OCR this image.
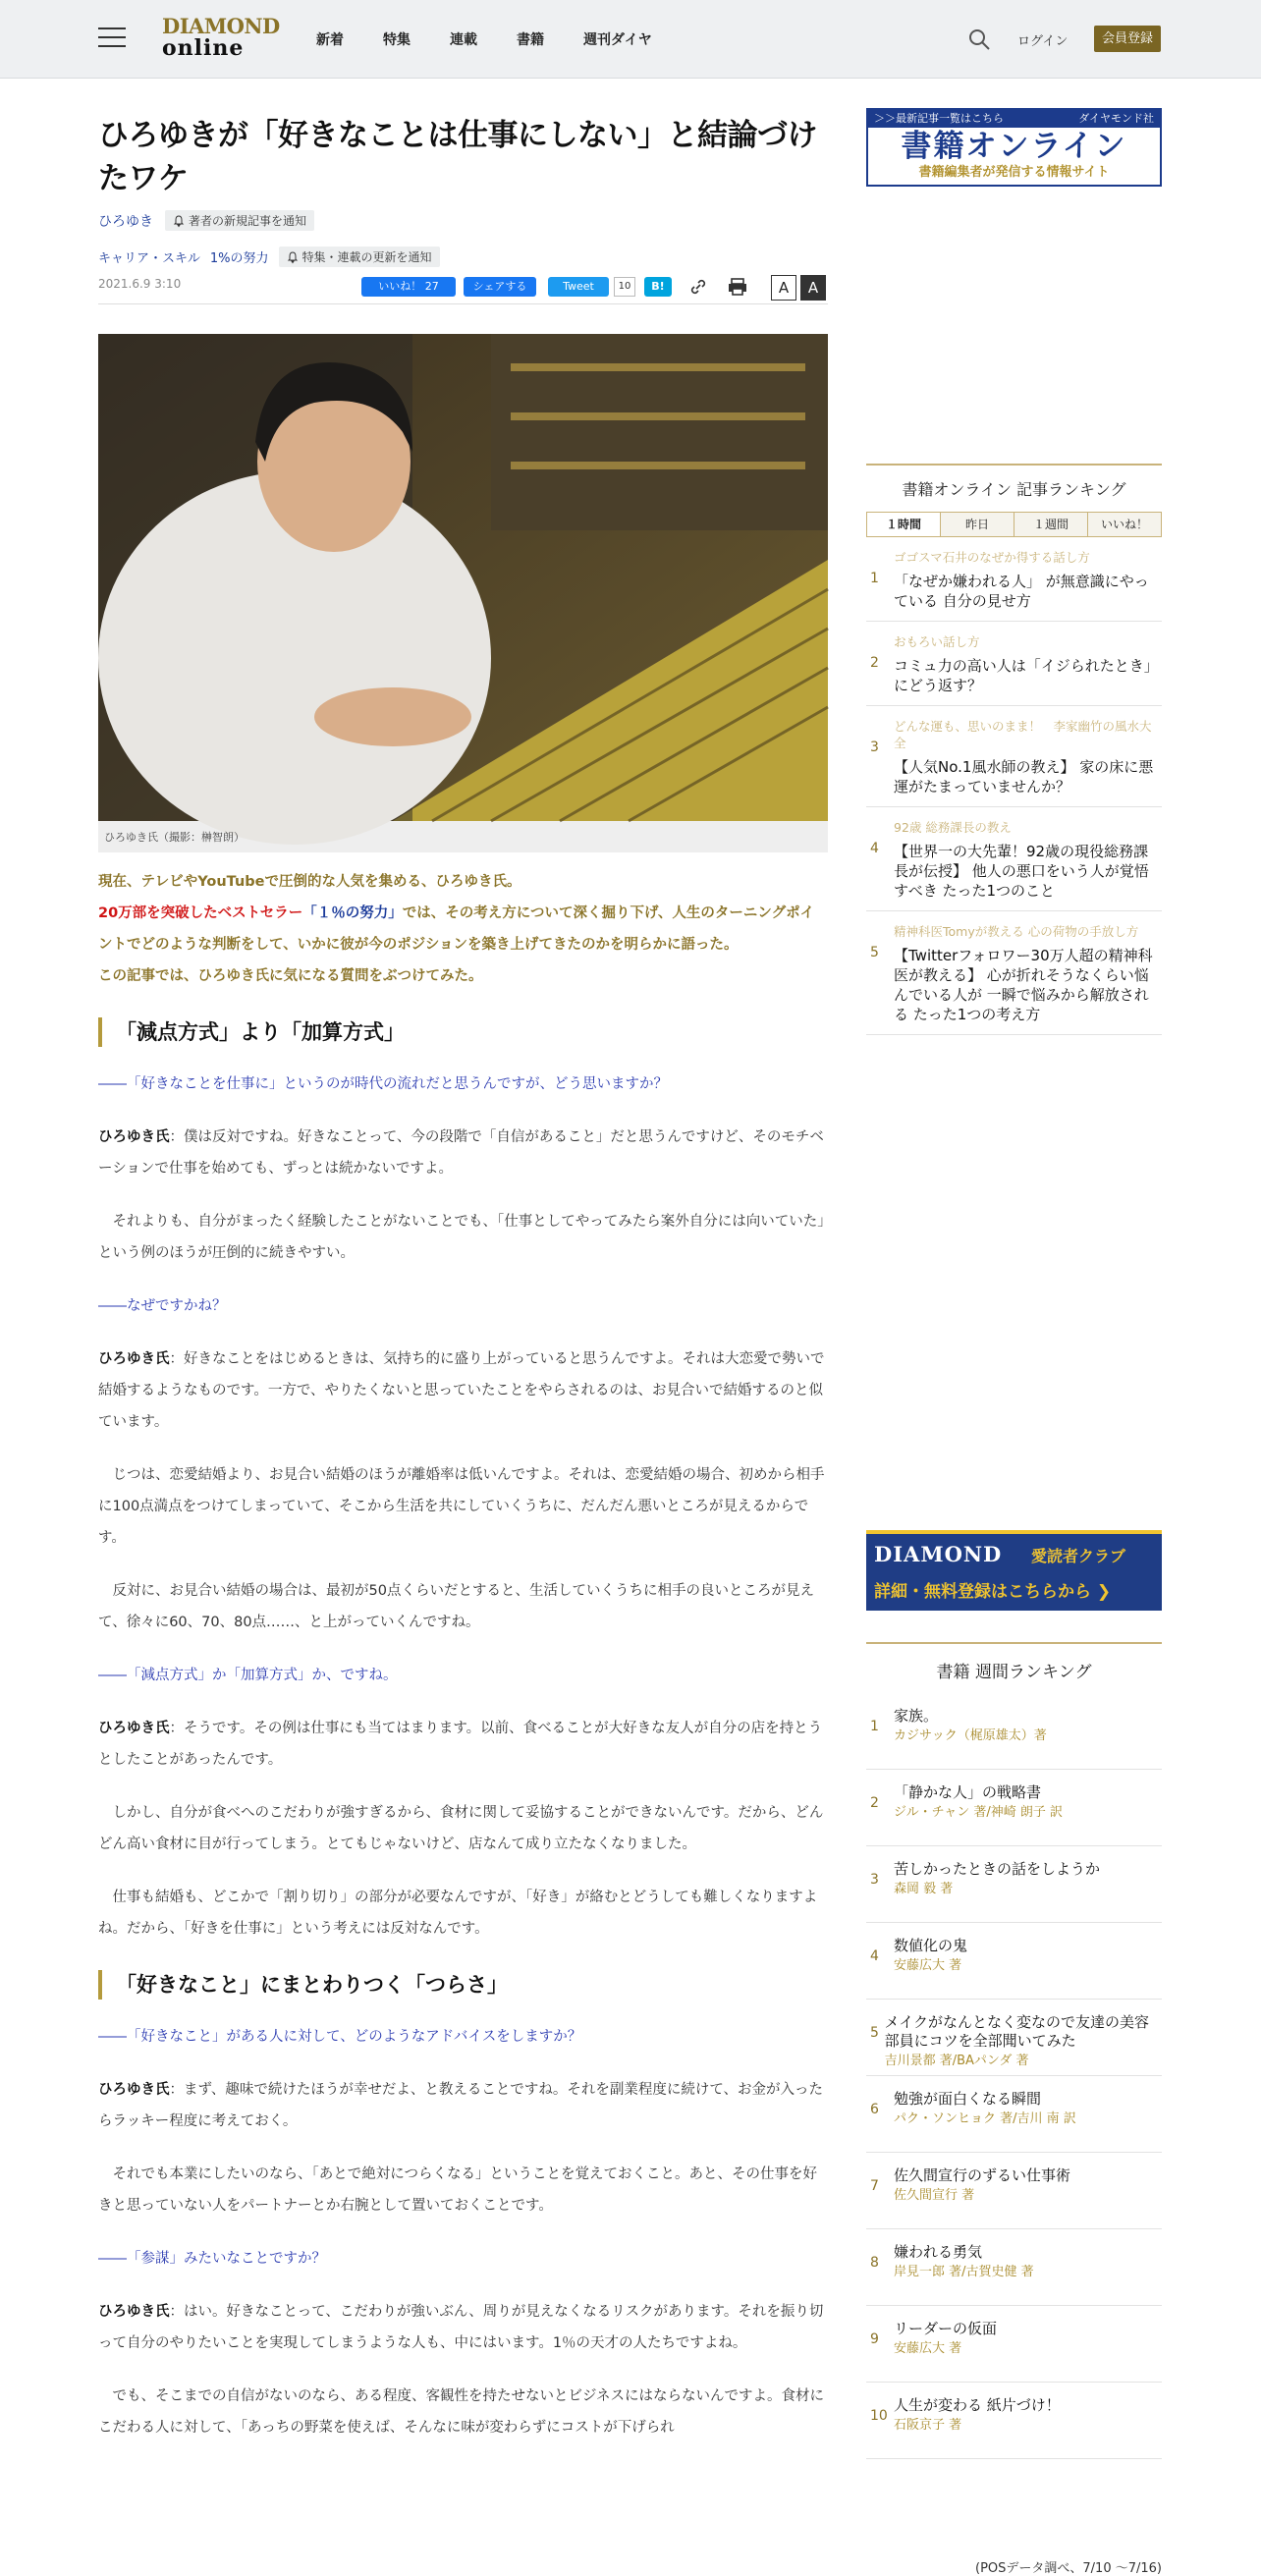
DIAMOND
online	新着	特集	連載	書籍	週刊ダイヤ	ログイン	会員登録
ひろゆきが「好きなことは仕事にしない」と結論づけたワケ
ひろゆき	著者の新規記事を通知
キャリア・スキル 1%の努力	特集・連載の更新を通知
2021.6.9 3:10	いいね！ 27	シェアする	Tweet	10	B!	A	A
ひろゆき氏（撮影：榊智朗）
現在、テレビやYouTubeで圧倒的な人気を集める、ひろゆき氏。
20万部を突破したベストセラー「１％の努力」では、その考え方について深く掘り下げ、人生のターニングポイントでどのような判断をして、いかに彼が今のポジションを築き上げてきたのかを明らかに語った。
この記事では、ひろゆき氏に気になる質問をぶつけてみた。
「減点方式」より「加算方式」
――「好きなことを仕事に」というのが時代の流れだと思うんですが、どう思いますか？
ひろゆき氏：僕は反対ですね。好きなことって、今の段階で「自信があること」だと思うんですけど、そのモチベーションで仕事を始めても、ずっとは続かないですよ。
それよりも、自分がまったく経験したことがないことでも、「仕事としてやってみたら案外自分には向いていた」という例のほうが圧倒的に続きやすい。
――なぜですかね？
ひろゆき氏：好きなことをはじめるときは、気持ち的に盛り上がっていると思うんですよ。それは大恋愛で勢いで結婚するようなものです。一方で、やりたくないと思っていたことをやらされるのは、お見合いで結婚するのと似ています。
じつは、恋愛結婚より、お見合い結婚のほうが離婚率は低いんですよ。それは、恋愛結婚の場合、初めから相手に100点満点をつけてしまっていて、そこから生活を共にしていくうちに、だんだん悪いところが見えるからです。
反対に、お見合い結婚の場合は、最初が50点くらいだとすると、生活していくうちに相手の良いところが見えて、徐々に60、70、80点……、と上がっていくんですね。
――「減点方式」か「加算方式」か、ですね。
ひろゆき氏：そうです。その例は仕事にも当てはまります。以前、食べることが大好きな友人が自分の店を持とうとしたことがあったんです。
しかし、自分が食べへのこだわりが強すぎるから、食材に関して妥協することができないんです。だから、どんどん高い食材に目が行ってしまう。とてもじゃないけど、店なんて成り立たなくなりました。
仕事も結婚も、どこかで「割り切り」の部分が必要なんですが、「好き」が絡むとどうしても難しくなりますよね。だから、「好きを仕事に」という考えには反対なんです。
「好きなこと」にまとわりつく「つらさ」
――「好きなこと」がある人に対して、どのようなアドバイスをしますか？
ひろゆき氏：まず、趣味で続けたほうが幸せだよ、と教えることですね。それを副業程度に続けて、お金が入ったらラッキー程度に考えておく。
それでも本業にしたいのなら、「あとで絶対につらくなる」ということを覚えておくこと。あと、その仕事を好きと思っていない人をパートナーとか右腕として置いておくことです。
――「参謀」みたいなことですか？
ひろゆき氏：はい。好きなことって、こだわりが強いぶん、周りが見えなくなるリスクがあります。それを振り切って自分のやりたいことを実現してしまうような人も、中にはいます。1％の天才の人たちですよね。
でも、そこまでの自信がないのなら、ある程度、客観性を持たせないとビジネスにはならないんですよ。食材にこだわる人に対して、「あっちの野菜を使えば、そんなに味が変わらずにコストが下げられ
＞＞最新記事一覧はこちら	ダイヤモンド社
書籍オンライン
書籍編集者が発信する情報サイト
書籍オンライン 記事ランキング
１時間	昨日	１週間	いいね！
1
ゴゴスマ石井のなぜか得する話し方
「なぜか嫌われる人」 が無意識にやっている 自分の見せ方
2
おもろい話し方
コミュ力の高い人は「イジられたとき」にどう返す？
3
どんな運も、思いのまま！　李家幽竹の風水大全
【人気No.1風水師の教え】 家の床に悪運がたまっていませんか？
4
92歳 総務課長の教え
【世界一の大先輩！92歳の現役総務課長が伝授】 他人の悪口をいう人が覚悟すべき たった1つのこと
5
精神科医Tomyが教える 心の荷物の手放し方
【Twitterフォロワー30万人超の精神科医が教える】 心が折れそうなくらい悩んでいる人が 一瞬で悩みから解放される たった1つの考え方
DIAMOND 愛読者クラブ
詳細・無料登録はこちらから ❯
書籍 週間ランキング
1
家族。
カジサック（梶原雄太）著
2
「静かな人」の戦略書
ジル・チャン 著/神崎 朗子 訳
3
苦しかったときの話をしようか
森岡 毅 著
4
数値化の鬼
安藤広大 著
5
メイクがなんとなく変なので友達の美容部員にコツを全部聞いてみた
吉川景都 著/BAパンダ 著
6
勉強が面白くなる瞬間
パク・ソンヒョク 著/吉川 南 訳
7
佐久間宣行のずるい仕事術
佐久間宣行 著
8
嫌われる勇気
岸見一郎 著/古賀史健 著
9
リーダーの仮面
安藤広大 著
10
人生が変わる 紙片づけ！
石阪京子 著
(POSデータ調べ、7/10 ～7/16)
